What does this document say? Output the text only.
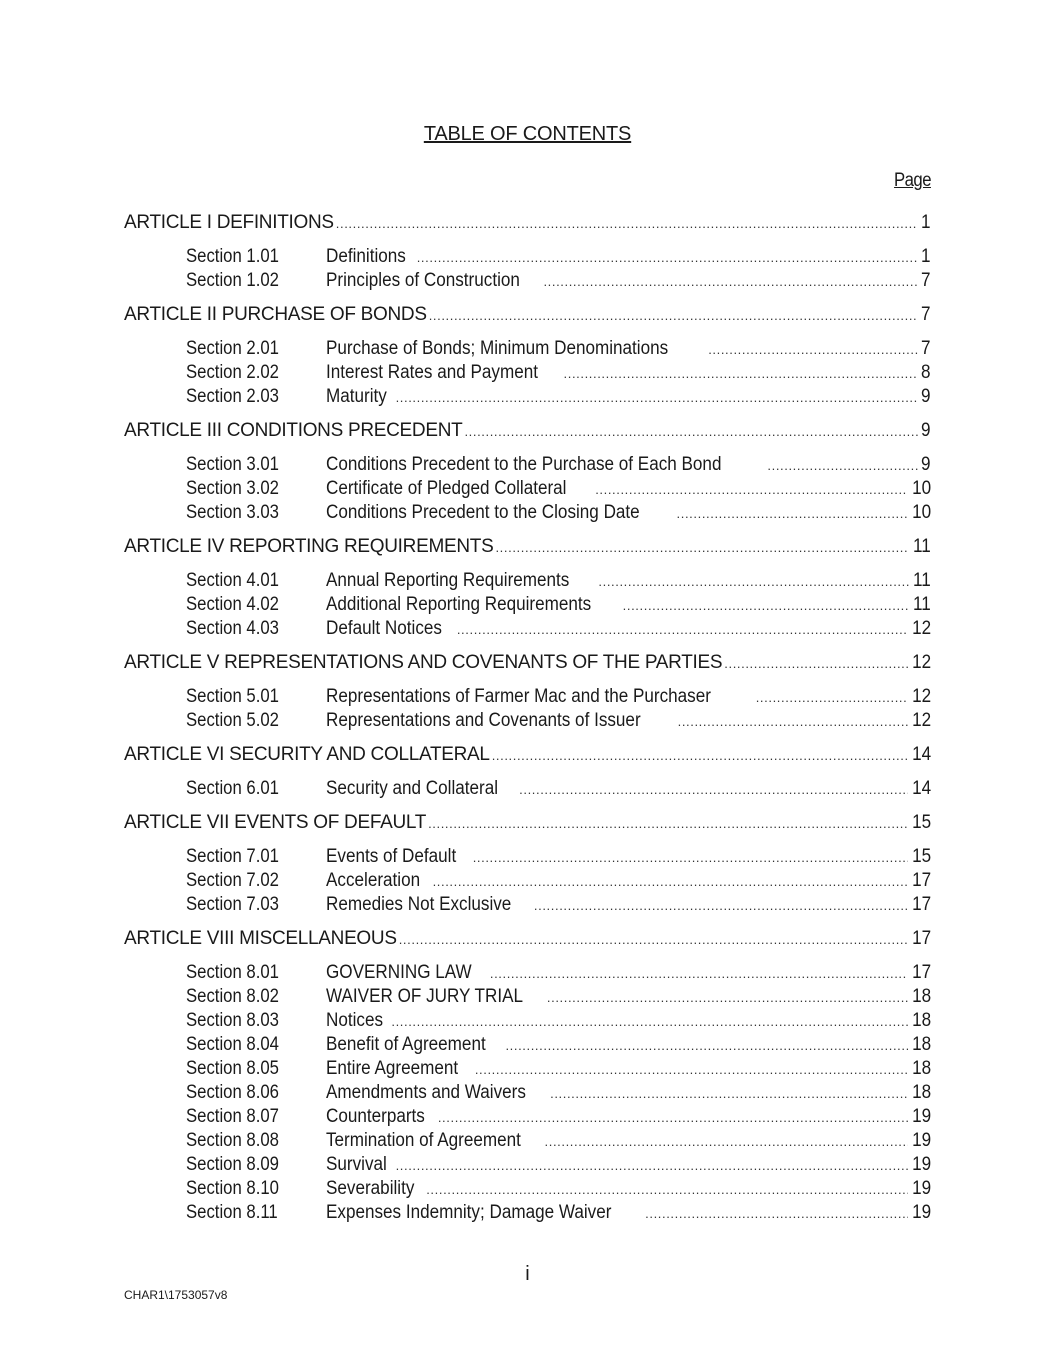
TABLE OF CONTENTS
Page
ARTICLE I DEFINITIONS .....	1
Section 1.01	Definitions .....	1
Section 1.02	Principles of Construction .....	7
ARTICLE II PURCHASE OF BONDS .....	7
Section 2.01	Purchase of Bonds; Minimum Denominations .....	7
Section 2.02	Interest Rates and Payment .....	8
Section 2.03	Maturity .....	9
ARTICLE III CONDITIONS PRECEDENT .....	9
Section 3.01	Conditions Precedent to the Purchase of Each Bond .....	9
Section 3.02	Certificate of Pledged Collateral .....	10
Section 3.03	Conditions Precedent to the Closing Date .....	10
ARTICLE IV REPORTING REQUIREMENTS .....	11
Section 4.01	Annual Reporting Requirements .....	11
Section 4.02	Additional Reporting Requirements .....	11
Section 4.03	Default Notices .....	12
ARTICLE V REPRESENTATIONS AND COVENANTS OF THE PARTIES .....	12
Section 5.01	Representations of Farmer Mac and the Purchaser .....	12
Section 5.02	Representations and Covenants of Issuer .....	12
ARTICLE VI SECURITY AND COLLATERAL .....	14
Section 6.01	Security and Collateral .....	14
ARTICLE VII EVENTS OF DEFAULT .....	15
Section 7.01	Events of Default .....	15
Section 7.02	Acceleration .....	17
Section 7.03	Remedies Not Exclusive .....	17
ARTICLE VIII MISCELLANEOUS .....	17
Section 8.01	GOVERNING LAW .....	17
Section 8.02	WAIVER OF JURY TRIAL .....	18
Section 8.03	Notices .....	18
Section 8.04	Benefit of Agreement .....	18
Section 8.05	Entire Agreement .....	18
Section 8.06	Amendments and Waivers .....	18
Section 8.07	Counterparts .....	19
Section 8.08	Termination of Agreement .....	19
Section 8.09	Survival .....	19
Section 8.10	Severability .....	19
Section 8.11	Expenses Indemnity; Damage Waiver .....	19
i
CHAR1\1753057v8
